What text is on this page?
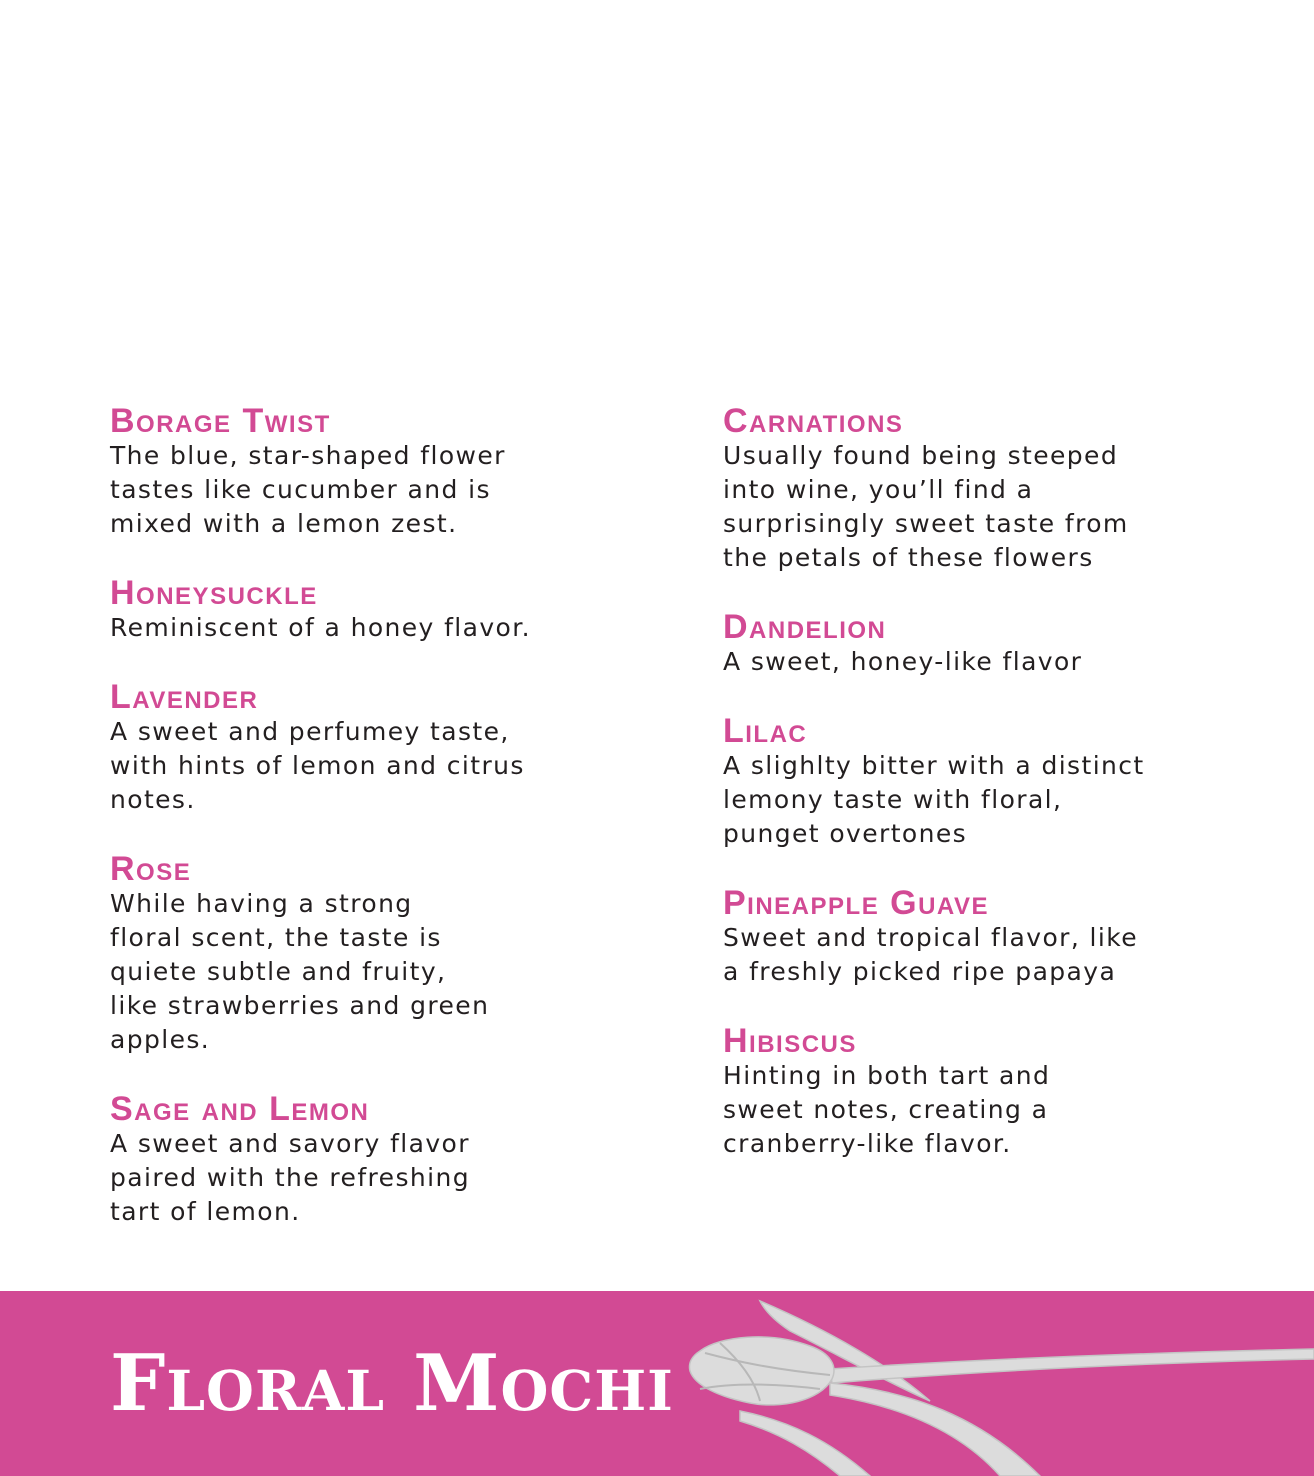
Borage Twist
The blue, star-shaped flower
tastes like cucumber and is
mixed with a lemon zest.
Honeysuckle
Reminiscent of a honey flavor.
Lavender
A sweet and perfumey taste,
with hints of lemon and citrus
notes.
Rose
While having a strong
floral scent, the taste is
quiete subtle and fruity,
like strawberries and green
apples.
Sage and Lemon
A sweet and savory flavor
paired with the refreshing
tart of lemon.
Carnations
Usually found being steeped
into wine, you’ll find a
surprisingly sweet taste from
the petals of these flowers
Dandelion
A sweet, honey-like flavor
Lilac
A slighlty bitter with a distinct
lemony taste with floral,
punget overtones
Pineapple Guave
Sweet and tropical flavor, like
a freshly picked ripe papaya
Hibiscus
Hinting in both tart and
sweet notes, creating a
cranberry-like flavor.
Floral Mochi
